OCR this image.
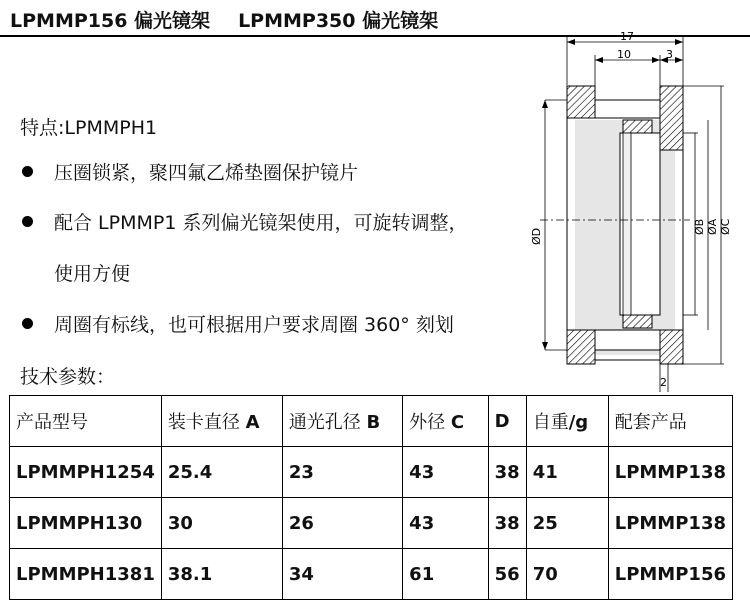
LPMMP156 偏光镜架 LPMMP350 偏光镜架
特点:LPMMPH1
压圈锁紧，聚四氟乙烯垫圈保护镜片
配合 LPMMP1 系列偏光镜架使用，可旋转调整，
使用方便
周圈有标线，也可根据用户要求周圈 360° 刻划
技术参数：
17
10	3
ØD
ØB ØA ØC
2
产品型号	装卡直径 A	通光孔径 B	外径 C	D	自重/g	配套产品
LPMMPH1254	25.4	23	43	38	41	LPMMP138
LPMMPH130	30	26	43	38	25	LPMMP138
LPMMPH1381	38.1	34	61	56	70	LPMMP156
